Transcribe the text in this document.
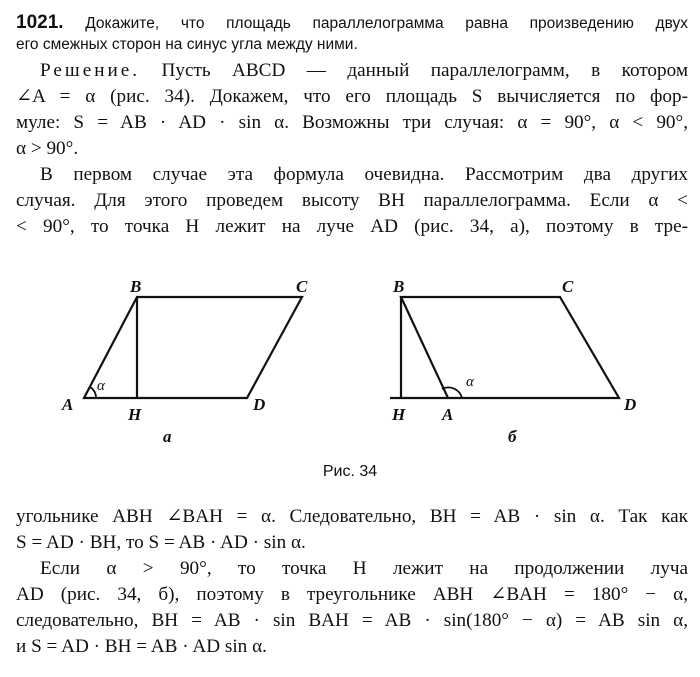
1021. Докажите, что площадь параллелограмма равна произведению двух
его смежных сторон на синус угла между ними.
Решение. Пусть ABCD — данный параллелограмм, в котором
∠A = α (рис. 34). Докажем, что его площадь S вычисляется по фор-
муле: S = AB · AD · sin α. Возможны три случая: α = 90°, α < 90°,
α > 90°.
В первом случае эта формула очевидна. Рассмотрим два других
случая. Для этого проведем высоту BH параллелограмма. Если α <
< 90°, то точка H лежит на луче AD (рис. 34, а), поэтому в тре-
A
B	C
D
H
а
α
B	C
D
H A
б
α
Рис. 34
угольнике ABH ∠BAH = α. Следовательно, BH = AB · sin α. Так как
S = AD · BH, то S = AB · AD · sin α.
Если α > 90°, то точка H лежит на продолжении луча
AD (рис. 34, б), поэтому в треугольнике ABH ∠BAH = 180° − α,
следовательно, BH = AB · sin BAH = AB · sin(180° − α) = AB sin α,
и S = AD · BH = AB · AD sin α.
